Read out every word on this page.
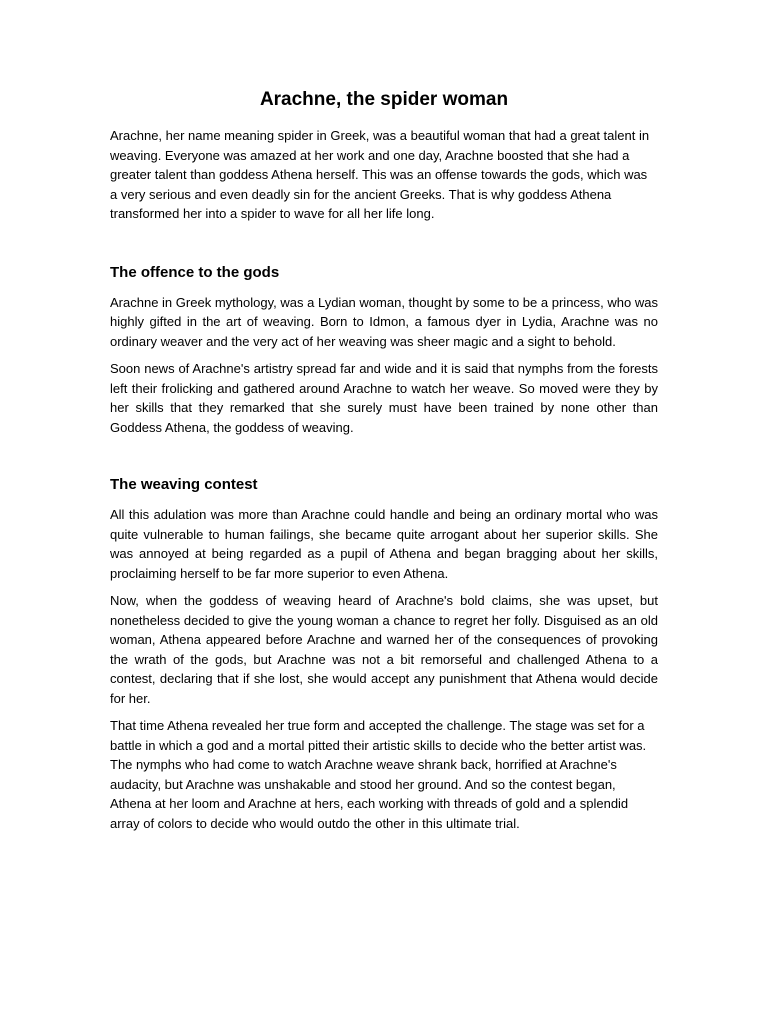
Arachne, the spider woman

Arachne, her name meaning spider in Greek, was a beautiful woman that had a great talent in weaving. Everyone was amazed at her work and one day, Arachne boosted that she had a greater talent than goddess Athena herself. This was an offense towards the gods, which was a very serious and even deadly sin for the ancient Greeks. That is why goddess Athena transformed her into a spider to wave for all her life long.

The offence to the gods

Arachne in Greek mythology, was a Lydian woman, thought by some to be a princess, who was highly gifted in the art of weaving. Born to Idmon, a famous dyer in Lydia, Arachne was no ordinary weaver and the very act of her weaving was sheer magic and a sight to behold.

Soon news of Arachne's artistry spread far and wide and it is said that nymphs from the forests left their frolicking and gathered around Arachne to watch her weave. So moved were they by her skills that they remarked that she surely must have been trained by none other than Goddess Athena, the goddess of weaving.

The weaving contest

All this adulation was more than Arachne could handle and being an ordinary mortal who was quite vulnerable to human failings, she became quite arrogant about her superior skills. She was annoyed at being regarded as a pupil of Athena and began bragging about her skills, proclaiming herself to be far more superior to even Athena.

Now, when the goddess of weaving heard of Arachne's bold claims, she was upset, but nonetheless decided to give the young woman a chance to regret her folly. Disguised as an old woman, Athena appeared before Arachne and warned her of the consequences of provoking the wrath of the gods, but Arachne was not a bit remorseful and challenged Athena to a contest, declaring that if she lost, she would accept any punishment that Athena would decide for her.

That time Athena revealed her true form and accepted the challenge. The stage was set for a battle in which a god and a mortal pitted their artistic skills to decide who the better artist was. The nymphs who had come to watch Arachne weave shrank back, horrified at Arachne's audacity, but Arachne was unshakable and stood her ground. And so the contest began, Athena at her loom and Arachne at hers, each working with threads of gold and a splendid array of colors to decide who would outdo the other in this ultimate trial.
